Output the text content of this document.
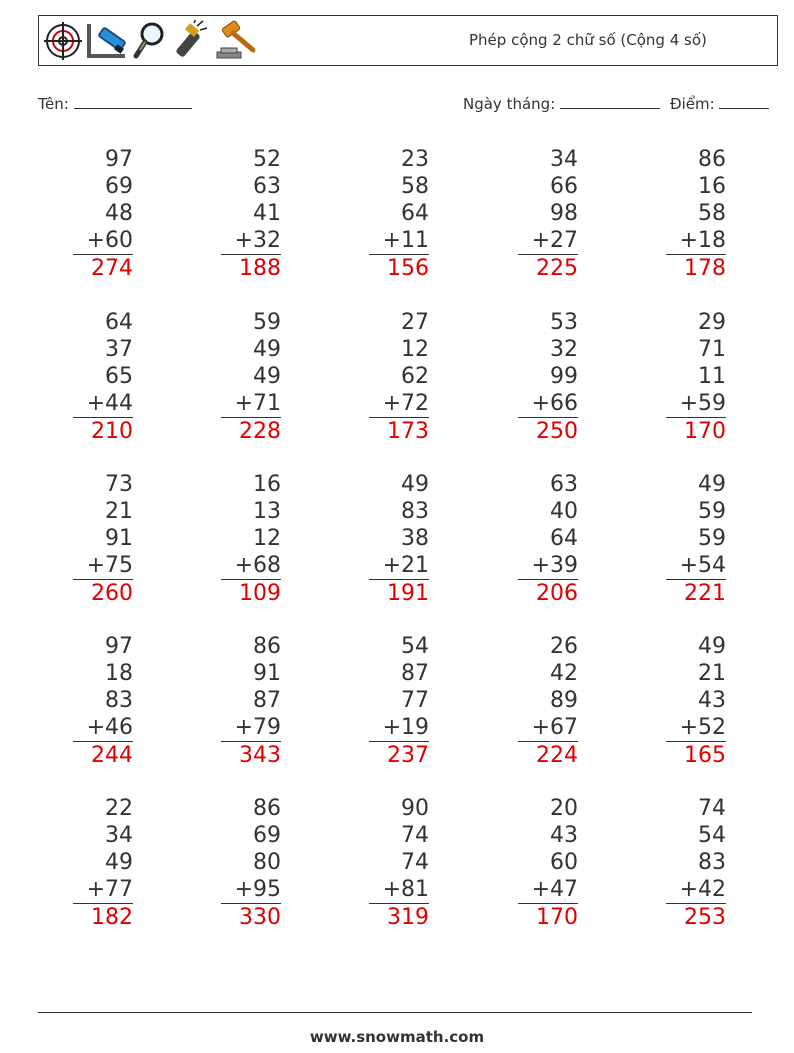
Phép cộng 2 chữ số (Cộng 4 số)
Tên:	Ngày tháng:	Điểm:
97
69
48
+60
274
52
63
41
+32
188
23
58
64
+11
156
34
66
98
+27
225
86
16
58
+18
178
64
37
65
+44
210
59
49
49
+71
228
27
12
62
+72
173
53
32
99
+66
250
29
71
11
+59
170
73
21
91
+75
260
16
13
12
+68
109
49
83
38
+21
191
63
40
64
+39
206
49
59
59
+54
221
97
18
83
+46
244
86
91
87
+79
343
54
87
77
+19
237
26
42
89
+67
224
49
21
43
+52
165
22
34
49
+77
182
86
69
80
+95
330
90
74
74
+81
319
20
43
60
+47
170
74
54
83
+42
253
www.snowmath.com
